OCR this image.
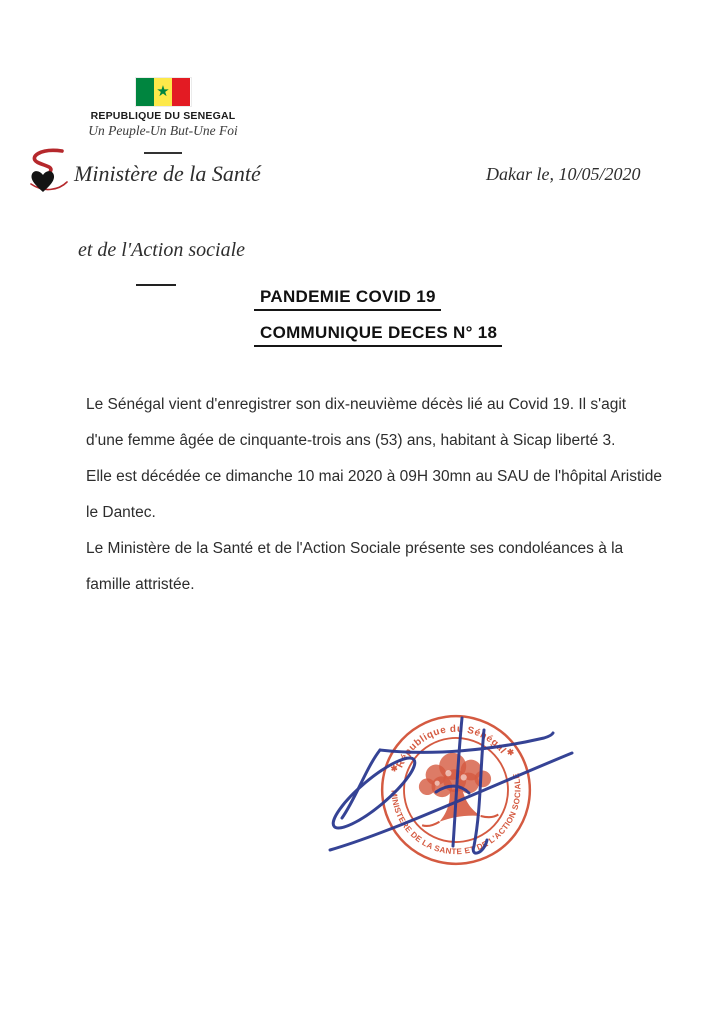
★
REPUBLIQUE DU SENEGAL
Un Peuple-Un But-Une Foi
Ministère de la Santé	Dakar le, 10/05/2020
et de l'Action sociale
PANDEMIE COVID 19
COMMUNIQUE DECES N° 18

Le Sénégal vient d'enregistrer son dix-neuvième décès lié au Covid 19. Il s'agit d'une femme âgée de cinquante-trois ans (53) ans, habitant à Sicap liberté 3.

Elle est décédée ce dimanche 10 mai 2020 à 09H 30mn au SAU de l'hôpital Aristide le Dantec.

Le Ministère de la Santé et de l'Action Sociale présente ses condoléances à la famille attristée.

République du Sénégal
MINISTERE DE LA SANTE ET DE L'ACTION SOCIALE
✱
✱
